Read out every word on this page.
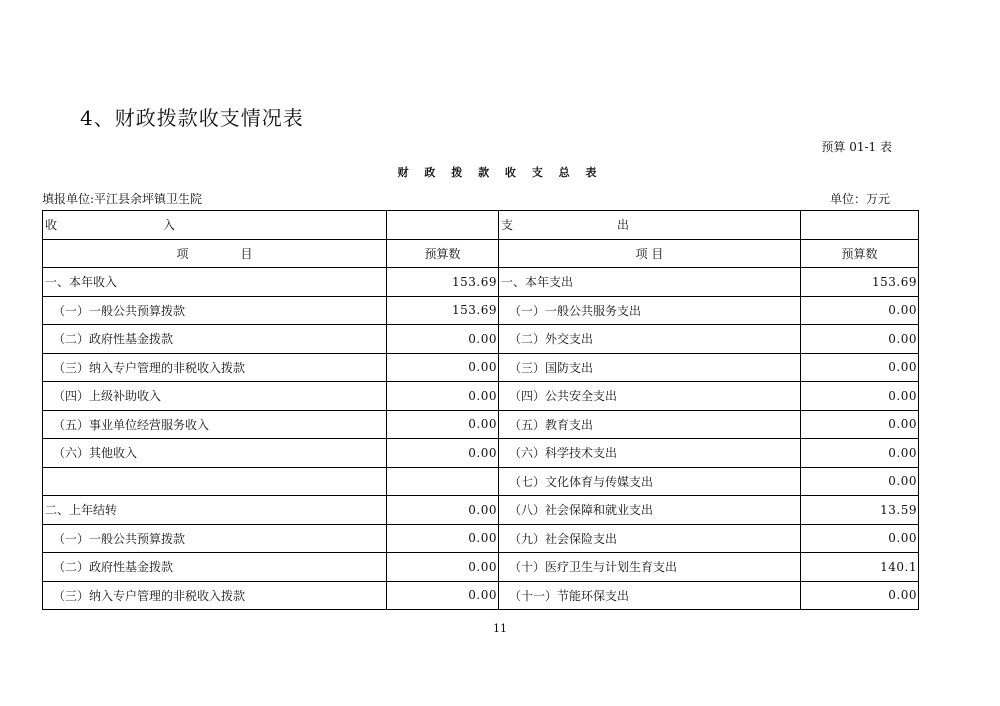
4、财政拨款收支情况表
预算 01-1 表
财 政 拨 款 收 支 总 表
填报单位:平江县余坪镇卫生院	单位：万元
收 入		支 出	
项 目	预算数	项 目	预算数
一、本年收入	153.69	一、本年支出	153.69
（一）一般公共预算拨款	153.69	（一）一般公共服务支出	0.00
（二）政府性基金拨款	0.00	（二）外交支出	0.00
（三）纳入专户管理的非税收入拨款	0.00	（三）国防支出	0.00
（四）上级补助收入	0.00	（四）公共安全支出	0.00
（五）事业单位经营服务收入	0.00	（五）教育支出	0.00
（六）其他收入	0.00	（六）科学技术支出	0.00
		（七）文化体育与传媒支出	0.00
二、上年结转	0.00	（八）社会保障和就业支出	13.59
（一）一般公共预算拨款	0.00	（九）社会保险支出	0.00
（二）政府性基金拨款	0.00	（十）医疗卫生与计划生育支出	140.1
（三）纳入专户管理的非税收入拨款	0.00	（十一）节能环保支出	0.00
11
